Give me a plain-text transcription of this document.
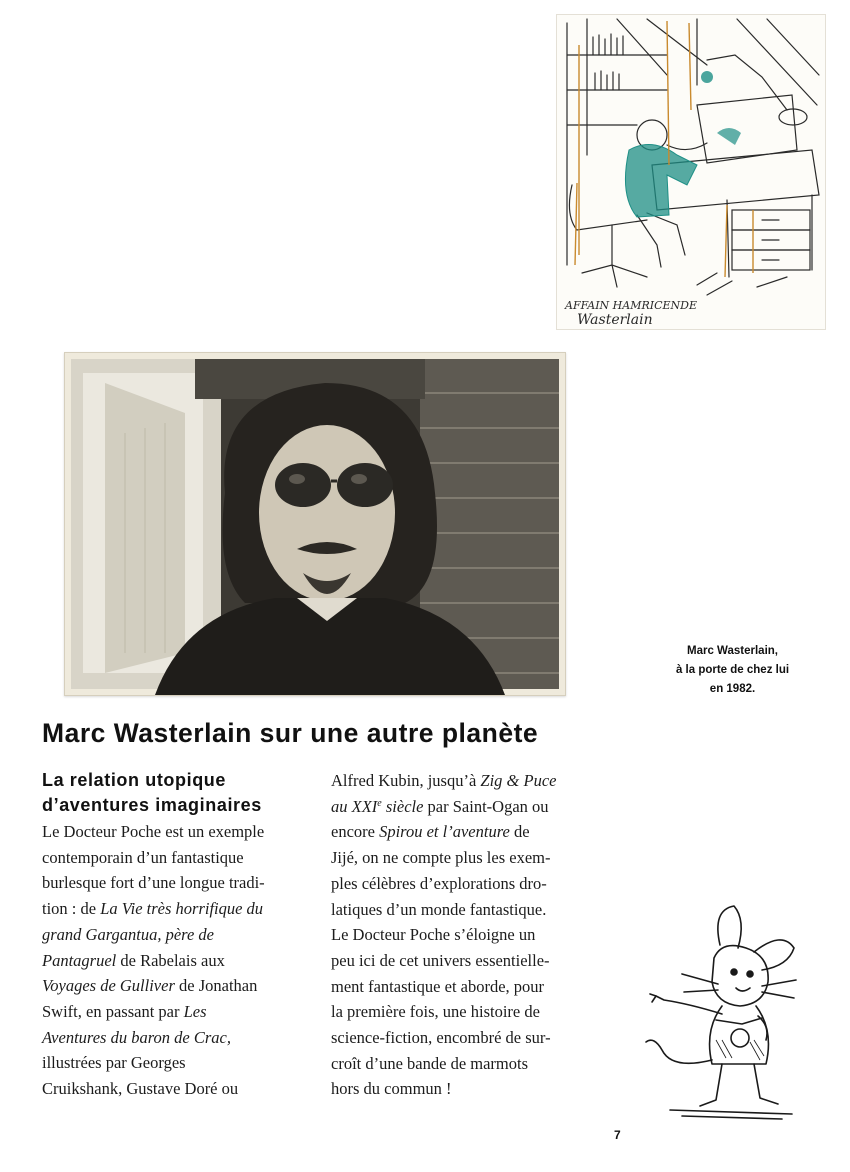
AFFAIN HAMRICENDE
Wasterlain
Marc Wasterlain,
à la porte de chez lui
en 1982.
Marc Wasterlain sur une autre planète
La relation utopique
d’aventures imaginaires
Le Docteur Poche est un exemple
contemporain d’un fantastique
burlesque fort d’une longue tradi-
tion : de La Vie très horrifique du
grand Gargantua, père de
Pantagruel de Rabelais aux
Voyages de Gulliver de Jonathan
Swift, en passant par Les
Aventures du baron de Crac,
illustrées par Georges
Cruikshank, Gustave Doré ou
Alfred Kubin, jusqu’à Zig & Puce
au XXIe siècle par Saint-Ogan ou
encore Spirou et l’aventure de
Jijé, on ne compte plus les exem-
ples célèbres d’explorations dro-
latiques d’un monde fantastique.
Le Docteur Poche s’éloigne un
peu ici de cet univers essentielle-
ment fantastique et aborde, pour
la première fois, une histoire de
science-fiction, encombré de sur-
croît d’une bande de marmots
hors du commun !
7
